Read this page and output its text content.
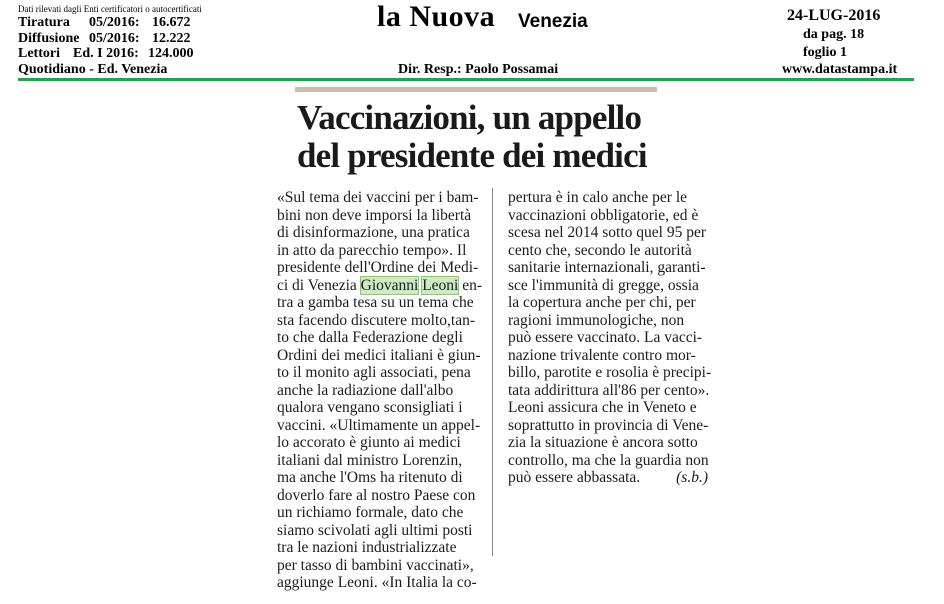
Dati rilevati dagli Enti certificatori o autocertificati
Tiratura 05/2016: 16.672
Diffusione 05/2016: 12.222
Lettori Ed. I 2016: 124.000
Quotidiano - Ed. Venezia
la Nuova Venezia
Dir. Resp.: Paolo Possamai
24-LUG-2016
da pag. 18
foglio 1
www.datastampa.it
Vaccinazioni, un appello
del presidente dei medici
«Sul tema dei vaccini per i bam-
bini non deve imporsi la libertà
di disinformazione, una pratica
in atto da parecchio tempo». Il
presidente dell'Ordine dei Medi-
ci di Venezia Giovanni Leoni en-
tra a gamba tesa su un tema che
sta facendo discutere molto,tan-
to che dalla Federazione degli
Ordini dei medici italiani è giun-
to il monito agli associati, pena
anche la radiazione dall'albo
qualora vengano sconsigliati i
vaccini. «Ultimamente un appel-
lo accorato è giunto ai medici
italiani dal ministro Lorenzin,
ma anche l'Oms ha ritenuto di
doverlo fare al nostro Paese con
un richiamo formale, dato che
siamo scivolati agli ultimi posti
tra le nazioni industrializzate
per tasso di bambini vaccinati»,
aggiunge Leoni. «In Italia la co-
pertura è in calo anche per le
vaccinazioni obbligatorie, ed è
scesa nel 2014 sotto quel 95 per
cento che, secondo le autorità
sanitarie internazionali, garanti-
sce l'immunità di gregge, ossia
la copertura anche per chi, per
ragioni immunologiche, non
può essere vaccinato. La vacci-
nazione trivalente contro mor-
billo, parotite e rosolia è precipi-
tata addirittura all'86 per cento».
Leoni assicura che in Veneto e
soprattutto in provincia di Vene-
zia la situazione è ancora sotto
controllo, ma che la guardia non
può essere abbassata. (s.b.)
